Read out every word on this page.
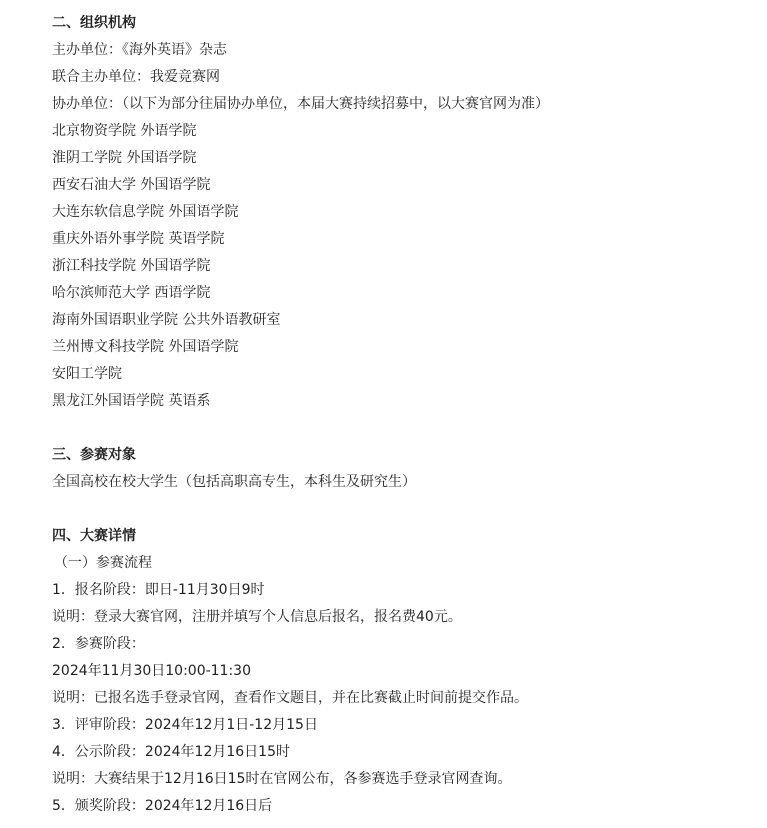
二、组织机构
主办单位：《海外英语》杂志
联合主办单位：我爱竞赛网
协办单位：（以下为部分往届协办单位，本届大赛持续招募中，以大赛官网为准）
北京物资学院 外语学院
淮阴工学院 外国语学院
西安石油大学 外国语学院
大连东软信息学院 外国语学院
重庆外语外事学院 英语学院
浙江科技学院 外国语学院
哈尔滨师范大学 西语学院
海南外国语职业学院 公共外语教研室
兰州博文科技学院 外国语学院
安阳工学院
黑龙江外国语学院 英语系
三、参赛对象
全国高校在校大学生（包括高职高专生，本科生及研究生）
四、大赛详情
（一）参赛流程
1．报名阶段：即日-11月30日9时
说明：登录大赛官网，注册并填写个人信息后报名，报名费40元。
2．参赛阶段：
2024年11月30日10:00-11:30
说明：已报名选手登录官网，查看作文题目，并在比赛截止时间前提交作品。
3．评审阶段：2024年12月1日-12月15日
4．公示阶段：2024年12月16日15时
说明：大赛结果于12月16日15时在官网公布，各参赛选手登录官网查询。
5．颁奖阶段：2024年12月16日后
